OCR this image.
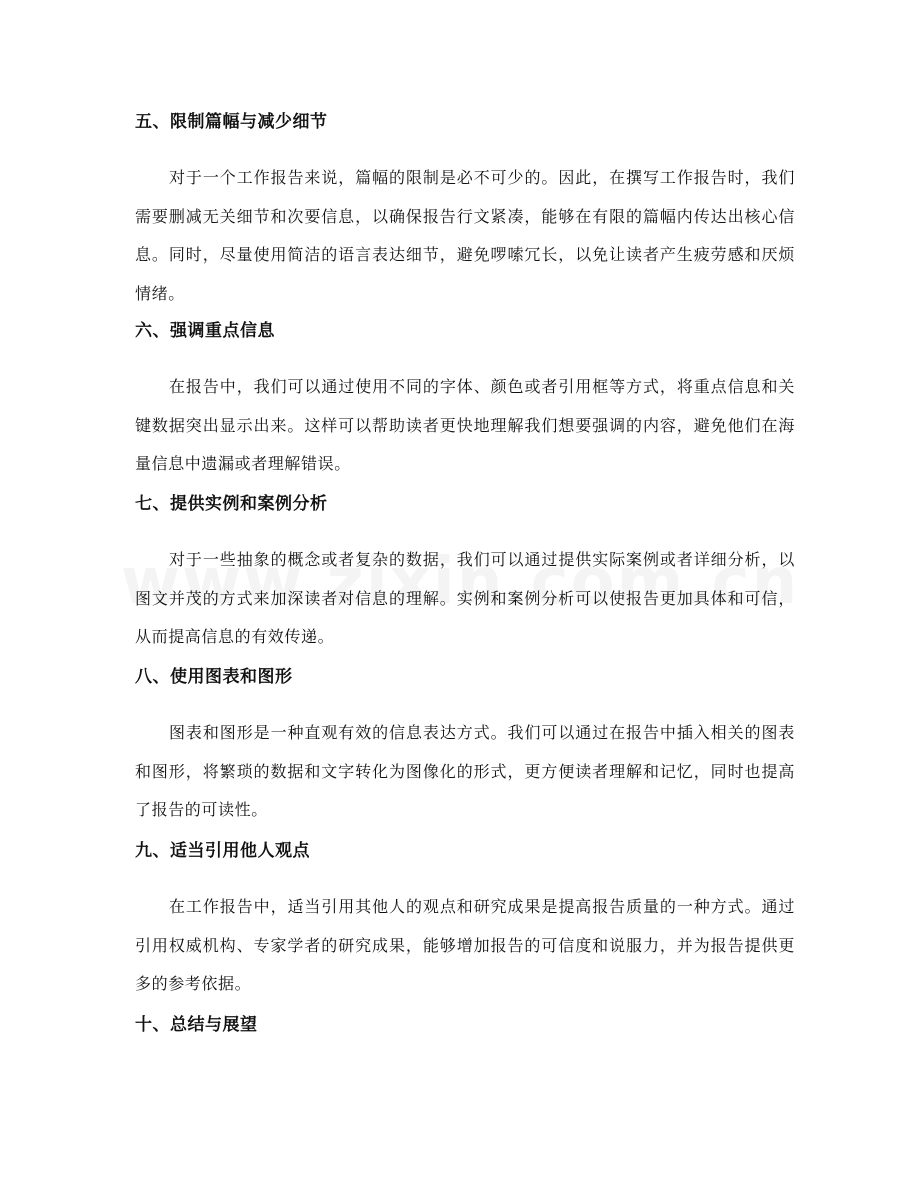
五、限制篇幅与减少细节

对于一个工作报告来说，篇幅的限制是必不可少的。因此，在撰写工作报告时，我们需要删减无关细节和次要信息，以确保报告行文紧凑，能够在有限的篇幅内传达出核心信息。同时，尽量使用简洁的语言表达细节，避免啰嗦冗长，以免让读者产生疲劳感和厌烦情绪。

六、强调重点信息

在报告中，我们可以通过使用不同的字体、颜色或者引用框等方式，将重点信息和关键数据突出显示出来。这样可以帮助读者更快地理解我们想要强调的内容，避免他们在海量信息中遗漏或者理解错误。

七、提供实例和案例分析

对于一些抽象的概念或者复杂的数据，我们可以通过提供实际案例或者详细分析，以图文并茂的方式来加深读者对信息的理解。实例和案例分析可以使报告更加具体和可信，从而提高信息的有效传递。

八、使用图表和图形

图表和图形是一种直观有效的信息表达方式。我们可以通过在报告中插入相关的图表和图形，将繁琐的数据和文字转化为图像化的形式，更方便读者理解和记忆，同时也提高了报告的可读性。

九、适当引用他人观点

在工作报告中，适当引用其他人的观点和研究成果是提高报告质量的一种方式。通过引用权威机构、专家学者的研究成果，能够增加报告的可信度和说服力，并为报告提供更多的参考依据。

十、总结与展望
